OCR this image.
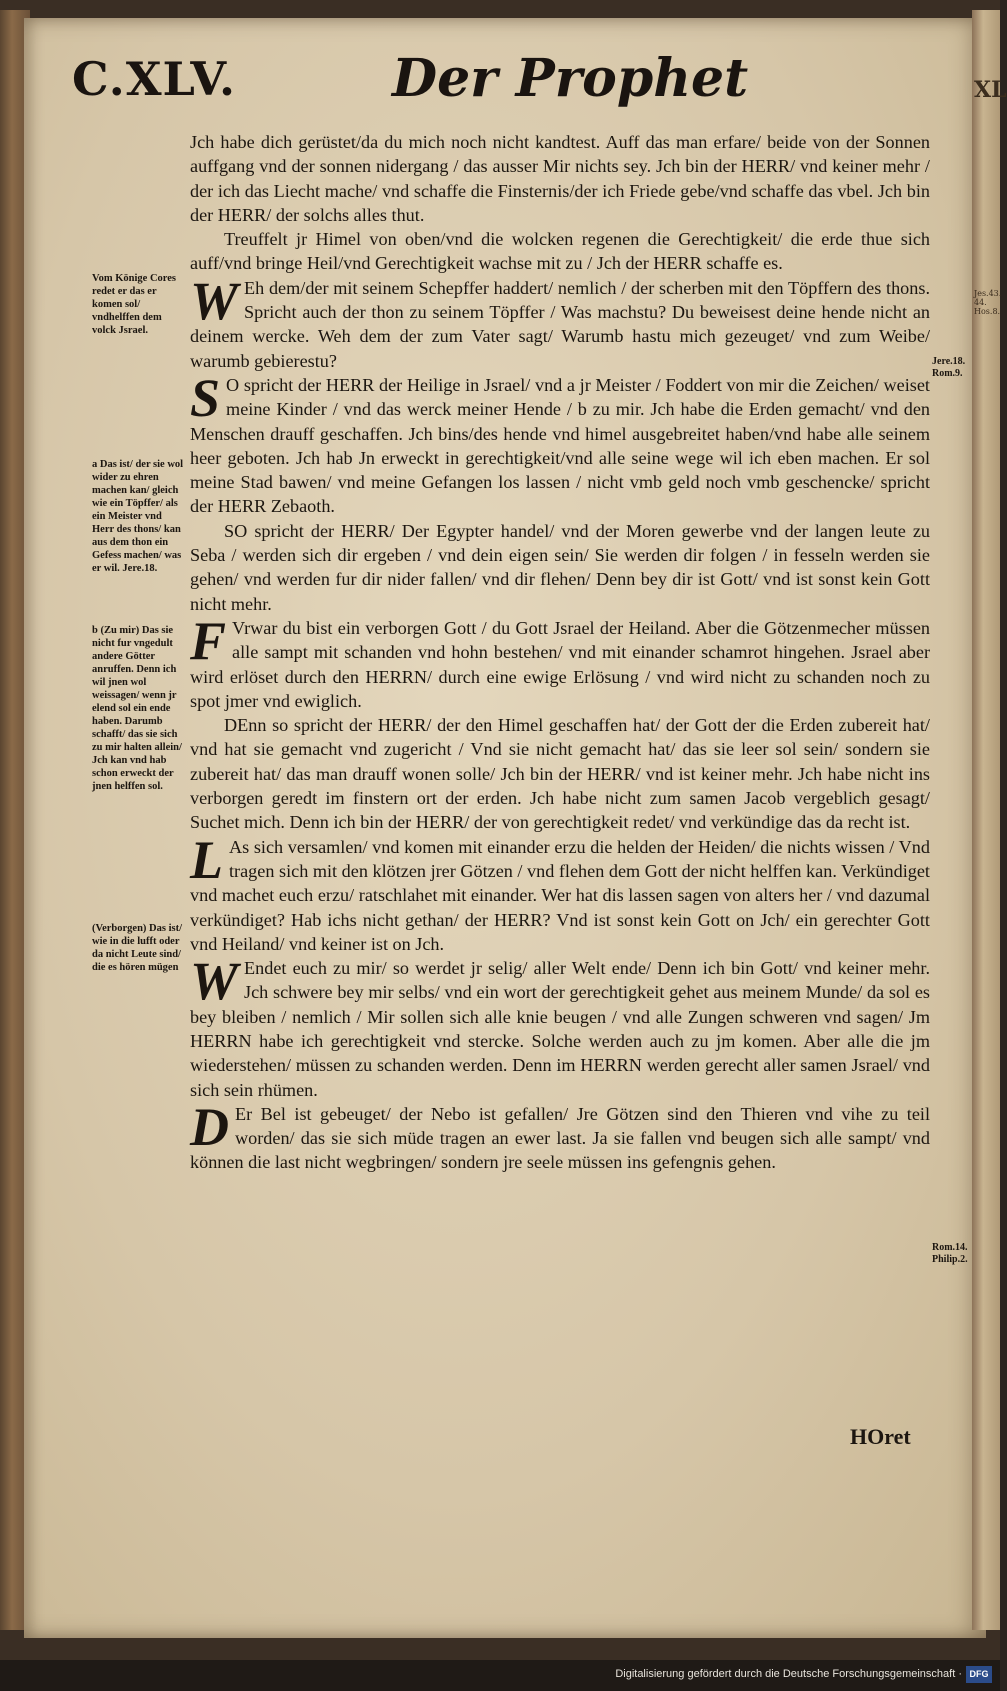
XL
Jes.43. 44. Hos.8.
C.XLV.	Der Prophet

Jch habe dich gerüstet/da du mich noch nicht kandtest. Auff das man erfare/ beide von der Sonnen auffgang vnd der sonnen nidergang / das ausser Mir nichts sey. Jch bin der HERR/ vnd keiner mehr / der ich das Liecht mache/ vnd schaffe die Finsternis/der ich Friede gebe/vnd schaffe das vbel. Jch bin der HERR/ der solchs alles thut.

Treuffelt jr Himel von oben/vnd die wolcken regenen die Gerechtigkeit/ die erde thue sich auff/vnd bringe Heil/vnd Gerechtigkeit wachse mit zu / Jch der HERR schaffe es.

WEh dem/der mit seinem Schepffer haddert/ nemlich / der scherben mit den Töpffern des thons. Spricht auch der thon zu seinem Töpffer / Was machstu? Du beweisest deine hende nicht an deinem wercke. Weh dem der zum Vater sagt/ Warumb hastu mich gezeuget/ vnd zum Weibe/ warumb gebierestu?

SO spricht der HERR der Heilige in Jsrael/ vnd a jr Meister / Foddert von mir die Zeichen/ weiset meine Kinder / vnd das werck meiner Hende / b zu mir. Jch habe die Erden gemacht/ vnd den Menschen drauff geschaffen. Jch bins/des hende vnd himel ausgebreitet haben/vnd habe alle seinem heer geboten. Jch hab Jn erweckt in gerechtigkeit/vnd alle seine wege wil ich eben machen. Er sol meine Stad bawen/ vnd meine Gefangen los lassen / nicht vmb geld noch vmb geschencke/ spricht der HERR Zebaoth.

SO spricht der HERR/ Der Egypter handel/ vnd der Moren gewerbe vnd der langen leute zu Seba / werden sich dir ergeben / vnd dein eigen sein/ Sie werden dir folgen / in fesseln werden sie gehen/ vnd werden fur dir nider fallen/ vnd dir flehen/ Denn bey dir ist Gott/ vnd ist sonst kein Gott nicht mehr.

FVrwar du bist ein verborgen Gott / du Gott Jsrael der Heiland. Aber die Götzenmecher müssen alle sampt mit schanden vnd hohn bestehen/ vnd mit einander schamrot hingehen. Jsrael aber wird erlöset durch den HERRN/ durch eine ewige Erlösung / vnd wird nicht zu schanden noch zu spot jmer vnd ewiglich.

DEnn so spricht der HERR/ der den Himel geschaffen hat/ der Gott der die Erden zubereit hat/ vnd hat sie gemacht vnd zugericht / Vnd sie nicht gemacht hat/ das sie leer sol sein/ sondern sie zubereit hat/ das man drauff wonen solle/ Jch bin der HERR/ vnd ist keiner mehr. Jch habe nicht ins verborgen geredt im finstern ort der erden. Jch habe nicht zum samen Jacob vergeblich gesagt/ Suchet mich. Denn ich bin der HERR/ der von gerechtigkeit redet/ vnd verkündige das da recht ist.

LAs sich versamlen/ vnd komen mit einander erzu die helden der Heiden/ die nichts wissen / Vnd tragen sich mit den klötzen jrer Götzen / vnd flehen dem Gott der nicht helffen kan. Verkündiget vnd machet euch erzu/ ratschlahet mit einander. Wer hat dis lassen sagen von alters her / vnd dazumal verkündiget? Hab ichs nicht gethan/ der HERR? Vnd ist sonst kein Gott on Jch/ ein gerechter Gott vnd Heiland/ vnd keiner ist on Jch.

WEndet euch zu mir/ so werdet jr selig/ aller Welt ende/ Denn ich bin Gott/ vnd keiner mehr. Jch schwere bey mir selbs/ vnd ein wort der gerechtigkeit gehet aus meinem Munde/ da sol es bey bleiben / nemlich / Mir sollen sich alle knie beugen / vnd alle Zungen schweren vnd sagen/ Jm HERRN habe ich gerechtigkeit vnd stercke. Solche werden auch zu jm komen. Aber alle die jm wiederstehen/ müssen zu schanden werden. Denn im HERRN werden gerecht aller samen Jsrael/ vnd sich sein rhümen.

DEr Bel ist gebeuget/ der Nebo ist gefallen/ Jre Götzen sind den Thieren vnd vihe zu teil worden/ das sie sich müde tragen an ewer last. Ja sie fallen vnd beugen sich alle sampt/ vnd können die last nicht wegbringen/ sondern jre seele müssen ins gefengnis gehen.

Vom Könige Cores redet er das er komen sol/ vndhelffen dem volck Jsrael.
a Das ist/ der sie wol wider zu ehren machen kan/ gleich wie ein Töpffer/ als ein Meister vnd Herr des thons/ kan aus dem thon ein Gefess machen/ was er wil. Jere.18.
b (Zu mir) Das sie nicht fur vngedult andere Götter anruffen. Denn ich wil jnen wol weissagen/ wenn jr elend sol ein ende haben. Darumb schafft/ das sie sich zu mir halten allein/ Jch kan vnd hab schon erweckt der jnen helffen sol.
(Verborgen) Das ist/ wie in die lufft oder da nicht Leute sind/ die es hören mügen
Jere.18. Rom.9.
Rom.14. Philip.2.
HOret
Digitalisierung gefördert durch die Deutsche Forschungsgemeinschaft · DFG
